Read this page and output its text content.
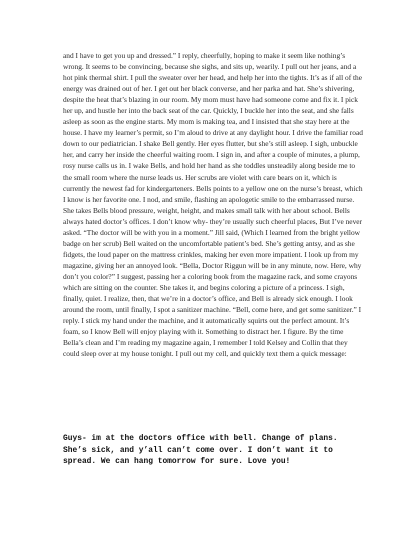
and I have to get you up and dressed.” I reply, cheerfully, hoping to make it seem like nothing’s wrong. It seems to be convincing, because she sighs, and sits up, wearily. I pull out her jeans, and a hot pink thermal shirt. I pull the sweater over her head, and help her into the tights. It’s as if all of the energy was drained out of her. I get out her black converse, and her parka and hat. She’s shivering, despite the heat that’s blazing in our room. My mom must have had someone come and fix it. I pick her up, and hustle her into the back seat of the car. Quickly, I buckle her into the seat, and she falls asleep as soon as the engine starts. My mom is making tea, and I insisted that she stay here at the house. I have my learner’s permit, so I’m aloud to drive at any daylight hour. I drive the familiar road down to our pediatrician. I shake Bell gently. Her eyes flutter, but she’s still asleep. I sigh, unbuckle her, and carry her inside the cheerful waiting room. I sign in, and after a couple of minutes, a plump, rosy nurse calls us in. I wake Bells, and hold her hand as she toddles unsteadily along beside me to the small room where the nurse leads us. Her scrubs are violet with care bears on it, which is currently the newest fad for kindergarteners. Bells points to a yellow one on the nurse’s breast, which I know is her favorite one. I nod, and smile, flashing an apologetic smile to the embarrassed nurse. She takes Bells blood pressure, weight, height, and makes small talk with her about school. Bells always hated doctor’s offices. I don’t know why- they’re usually such cheerful places, But I’ve never asked. “The doctor will be with you in a moment.” Jill said, (Which I learned from the bright yellow badge on her scrub) Bell waited on the uncomfortable patient’s bed. She’s getting antsy, and as she fidgets, the loud paper on the mattress crinkles, making her even more impatient. I look up from my magazine, giving her an annoyed look. “Bella, Doctor Riggun will be in any minute, now. Here, why don’t you color?” I suggest, passing her a coloring book from the magazine rack, and some crayons which are sitting on the counter. She takes it, and begins coloring a picture of a princess. I sigh, finally, quiet. I realize, then, that we’re in a doctor’s office, and Bell is already sick enough. I look around the room, until finally, I spot a sanitizer machine. “Bell, come here, and get some sanitizer.” I reply. I stick my hand under the machine, and it automatically squirts out the perfect amount. It’s foam, so I know Bell will enjoy playing with it. Something to distract her. I figure. By the time Bella’s clean and I’m reading my magazine again, I remember I told Kelsey and Collin that they could sleep over at my house tonight. I pull out my cell, and quickly text them a quick message:

Guys- im at the doctors office with bell. Change of plans. She’s sick, and y’all can’t come over. I don’t want it to spread. We can hang tomorrow for sure. Love you!
